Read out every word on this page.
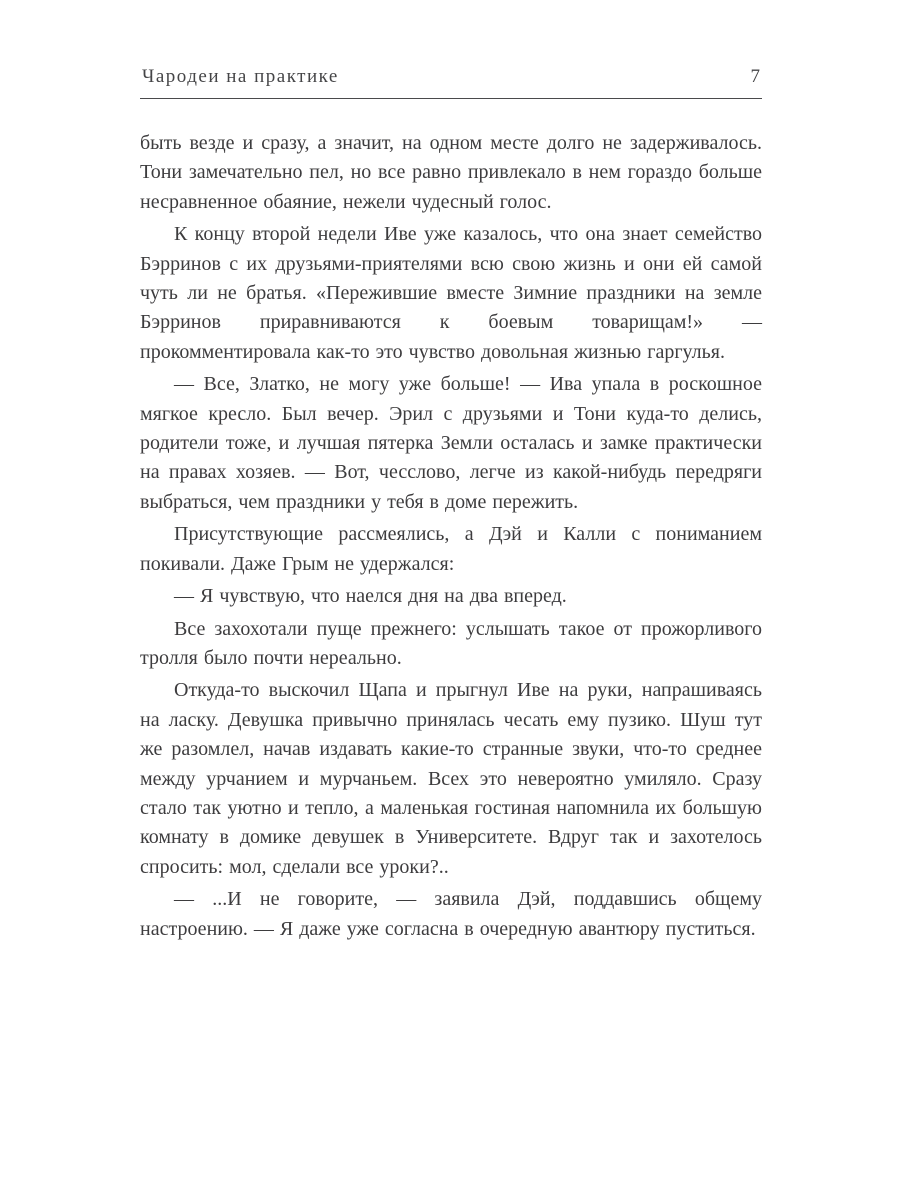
Чародеи на практике	7

быть везде и сразу, а значит, на одном месте долго не задерживалось. Тони замечательно пел, но все равно привлекало в нем гораздо больше несравненное обаяние, нежели чудесный голос.

К концу второй недели Иве уже казалось, что она знает семейство Бэрринов с их друзьями-приятелями всю свою жизнь и они ей самой чуть ли не братья. «Пережившие вместе Зимние праздники на земле Бэрринов приравниваются к боевым товарищам!» — прокомментировала как-то это чувство довольная жизнью гаргулья.

— Все, Златко, не могу уже больше! — Ива упала в роскошное мягкое кресло. Был вечер. Эрил с друзьями и Тони куда-то делись, родители тоже, и лучшая пятерка Земли осталась и замке практически на правах хозяев. — Вот, чесслово, легче из какой-нибудь передряги выбраться, чем праздники у тебя в доме пережить.

Присутствующие рассмеялись, а Дэй и Калли с пониманием покивали. Даже Грым не удержался:

— Я чувствую, что наелся дня на два вперед.

Все захохотали пуще прежнего: услышать такое от прожорливого тролля было почти нереально.

Откуда-то выскочил Щапа и прыгнул Иве на руки, напрашиваясь на ласку. Девушка привычно принялась чесать ему пузико. Шуш тут же разомлел, начав издавать какие-то странные звуки, что-то среднее между урчанием и мурчаньем. Всех это невероятно умиляло. Сразу стало так уютно и тепло, а маленькая гостиная напомнила их большую комнату в домике девушек в Университете. Вдруг так и захотелось спросить: мол, сделали все уроки?..

— ...И не говорите, — заявила Дэй, поддавшись общему настроению. — Я даже уже согласна в очередную авантюру пуститься.
